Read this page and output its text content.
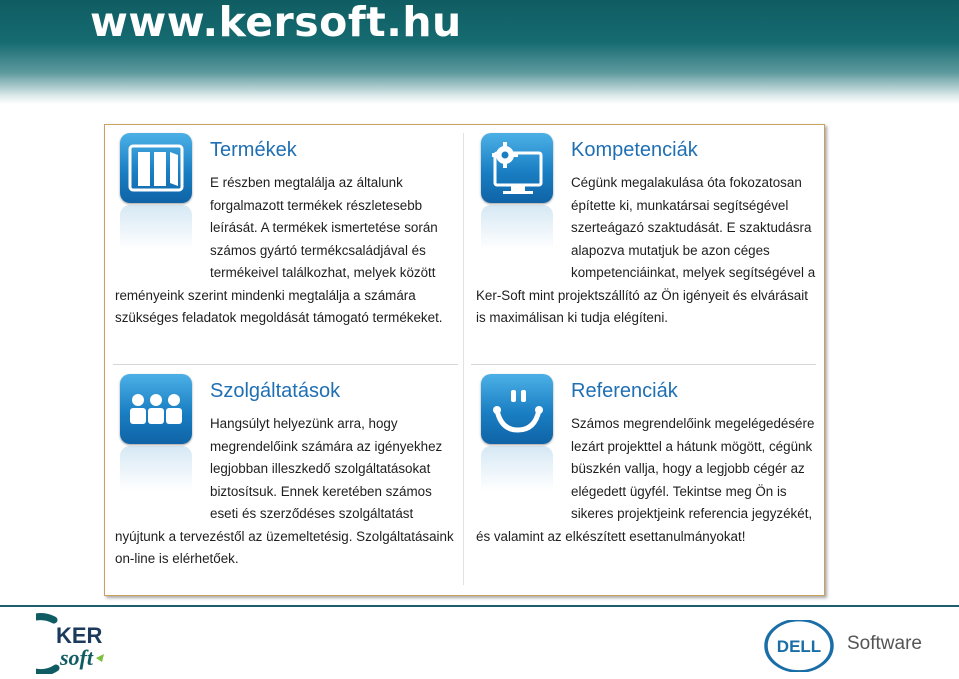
www.kersoft.hu
Termékek
E részben megtalálja az általunk forgalmazott termékek részletesebb leírását. A termékek ismertetése során számos gyártó termékcsaládjával és termékeivel találkozhat, melyek között reményeink szerint mindenki megtalálja a számára szükséges feladatok megoldását támogató termékeket.
Kompetenciák
Cégünk megalakulása óta fokozatosan építette ki, munkatársai segítségével szerteágazó szaktudását. E szaktudásra alapozva mutatjuk be azon céges kompetenciáinkat, melyek segítségével a Ker-Soft mint projektszállító az Ön igényeit és elvárásait is maximálisan ki tudja elégíteni.
Szolgáltatások
Hangsúlyt helyezünk arra, hogy megrendelőink számára az igényekhez legjobban illeszkedő szolgáltatásokat biztosítsuk. Ennek keretében számos eseti és szerződéses szolgáltatást nyújtunk a tervezéstől az üzemeltetésig. Szolgáltatásaink on-line is elérhetőek.
Referenciák
Számos megrendelőink megelégedésére lezárt projekttel a hátunk mögött, cégünk büszkén vallja, hogy a legjobb cégér az elégedett ügyfél. Tekintse meg Ön is sikeres projektjeink referencia jegyzékét, és valamint az elkészített esettanulmányokat!
KER
soft	DELL Software
